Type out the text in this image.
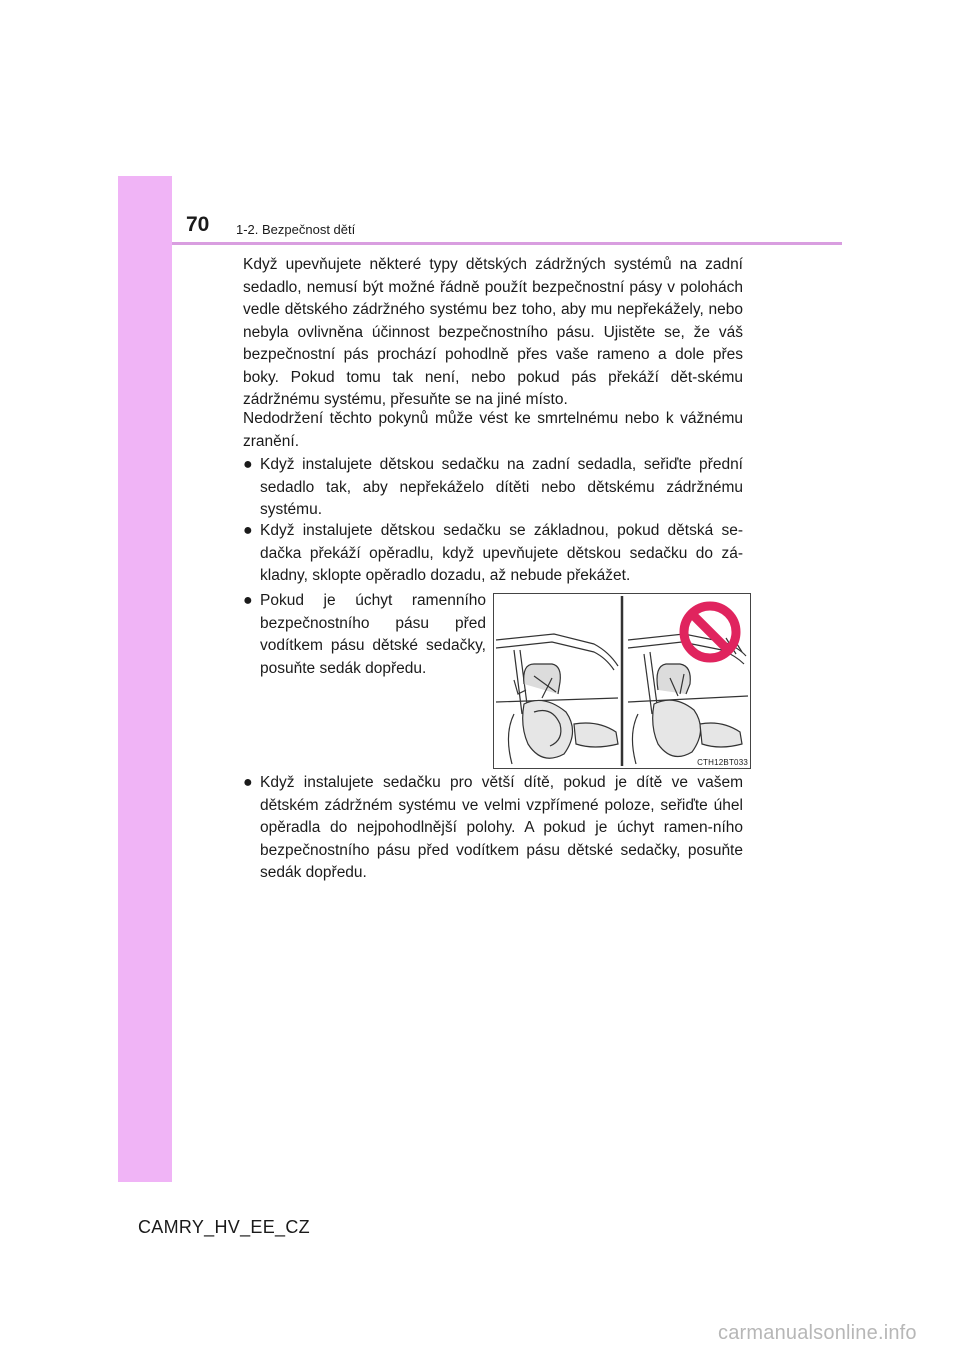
70 1-2. Bezpečnost dětí
Když upevňujete některé typy dětských zádržných systémů na zadní sedadlo, nemusí být možné řádně použít bezpečnostní pásy v polohách vedle dětského zádržného systému bez toho, aby mu nepřekážely, nebo nebyla ovlivněna účinnost bezpečnostního pásu. Ujistěte se, že váš bezpečnostní pás prochází pohodlně přes vaše rameno a dole přes boky. Pokud tomu tak není, nebo pokud pás překáží dět-skému zádržnému systému, přesuňte se na jiné místo.
Nedodržení těchto pokynů může vést ke smrtelnému nebo k vážnému zranění.
● Když instalujete dětskou sedačku na zadní sedadla, seřiďte přední sedadlo tak, aby nepřekáželo dítěti nebo dětskému zádržnému systému.
● Když instalujete dětskou sedačku se základnou, pokud dětská se-dačka překáží opěradlu, když upevňujete dětskou sedačku do zá-kladny, sklopte opěradlo dozadu, až nebude překážet.
● Pokud je úchyt ramenního bezpečnostního pásu před vodítkem pásu dětské sedačky, posuňte sedák dopředu.
CTH12BT033
● Když instalujete sedačku pro větší dítě, pokud je dítě ve vašem dětském zádržném systému ve velmi vzpřímené poloze, seřiďte úhel opěradla do nejpohodlnější polohy. A pokud je úchyt ramen-ního bezpečnostního pásu před vodítkem pásu dětské sedačky, posuňte sedák dopředu.
CAMRY_HV_EE_CZ
carmanualsonline.info
